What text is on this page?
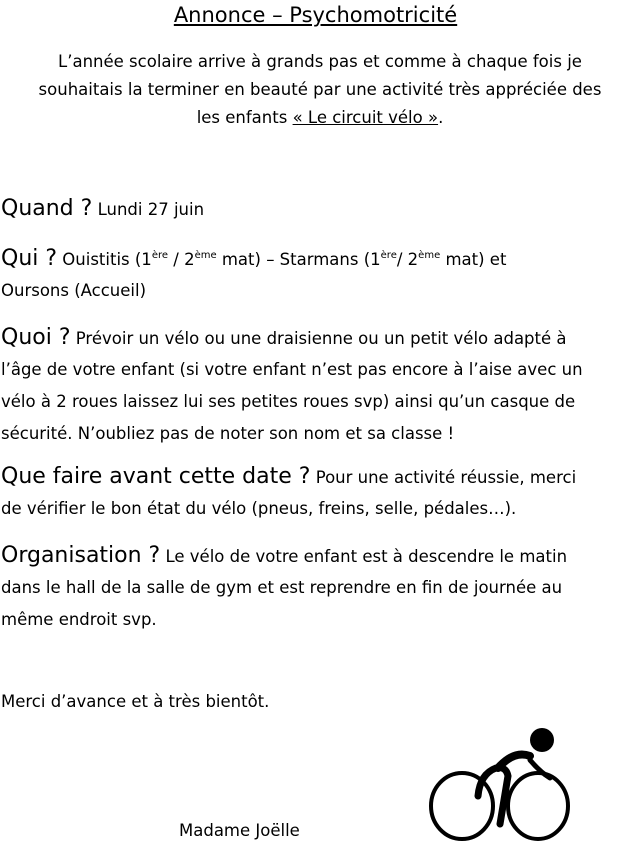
Annonce – Psychomotricité
L’année scolaire arrive à grands pas et comme à chaque fois je
souhaitais la terminer en beauté par une activité très appréciée des
les enfants « Le circuit vélo ».
Quand ? Lundi 27 juin
Qui ? Ouistitis (1ère / 2ème mat) – Starmans (1ère/ 2ème mat) et
Oursons (Accueil)
Quoi ? Prévoir un vélo ou une draisienne ou un petit vélo adapté à
l’âge de votre enfant (si votre enfant n’est pas encore à l’aise avec un
vélo à 2 roues laissez lui ses petites roues svp) ainsi qu’un casque de
sécurité. N’oubliez pas de noter son nom et sa classe !
Que faire avant cette date ? Pour une activité réussie, merci
de vérifier le bon état du vélo (pneus, freins, selle, pédales…).
Organisation ? Le vélo de votre enfant est à descendre le matin
dans le hall de la salle de gym et est reprendre en fin de journée au
même endroit svp.
Merci d’avance et à très bientôt.
Madame Joëlle
